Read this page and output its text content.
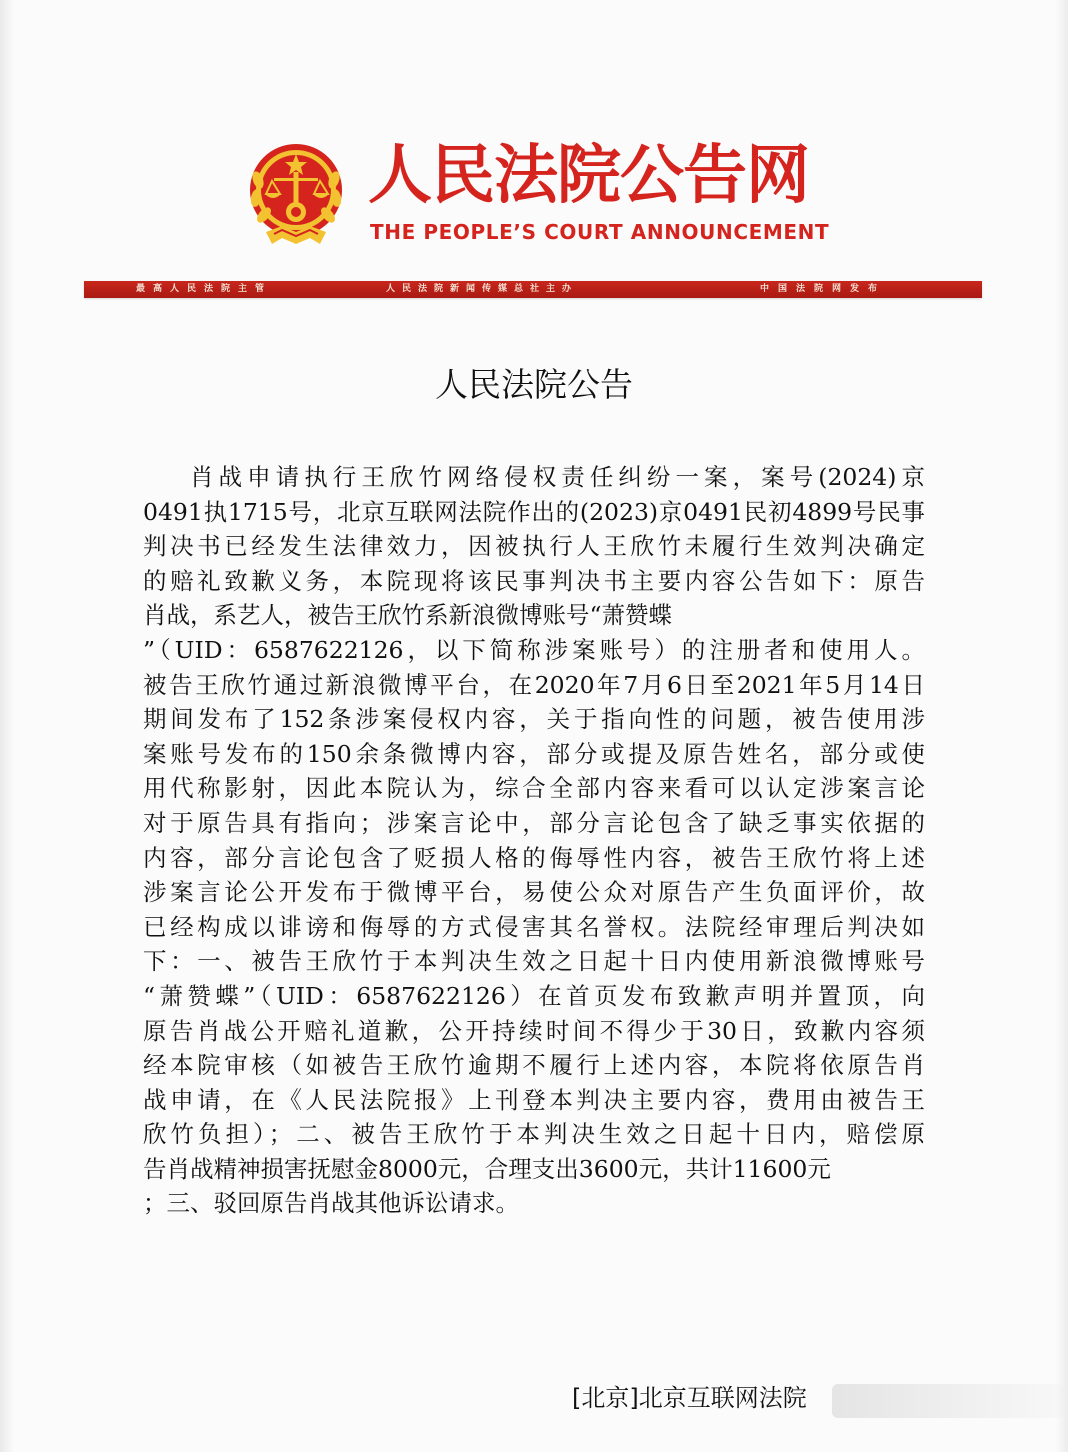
人民法院公告网
THE PEOPLE’S COURT ANNOUNCEMENT
最高人民法院主管	人民法院新闻传媒总社主办	中国法院网发布
人民法院公告
肖战申请执行王欣竹网络侵权责任纠纷一案，案号(2024)京
0491执1715号，北京互联网法院作出的(2023)京0491民初4899号民事
判决书已经发生法律效力，因被执行人王欣竹未履行生效判决确定
的赔礼致歉义务，本院现将该民事判决书主要内容公告如下：原告
肖战，系艺人，被告王欣竹系新浪微博账号“萧赞蝶
”（UID：6587622126，以下简称涉案账号）的注册者和使用人。
被告王欣竹通过新浪微博平台，在2020年7月6日至2021年5月14日
期间发布了152条涉案侵权内容，关于指向性的问题，被告使用涉
案账号发布的150余条微博内容，部分或提及原告姓名，部分或使
用代称影射，因此本院认为，综合全部内容来看可以认定涉案言论
对于原告具有指向；涉案言论中，部分言论包含了缺乏事实依据的
内容，部分言论包含了贬损人格的侮辱性内容，被告王欣竹将上述
涉案言论公开发布于微博平台，易使公众对原告产生负面评价，故
已经构成以诽谤和侮辱的方式侵害其名誉权。法院经审理后判决如
下：一、被告王欣竹于本判决生效之日起十日内使用新浪微博账号
“萧赞蝶”（UID：6587622126）在首页发布致歉声明并置顶，向
原告肖战公开赔礼道歉，公开持续时间不得少于30日，致歉内容须
经本院审核（如被告王欣竹逾期不履行上述内容，本院将依原告肖
战申请，在《人民法院报》上刊登本判决主要内容，费用由被告王
欣竹负担）；二、被告王欣竹于本判决生效之日起十日内，赔偿原
告肖战精神损害抚慰金8000元，合理支出3600元，共计11600元
；三、驳回原告肖战其他诉讼请求。
[北京]北京互联网法院
